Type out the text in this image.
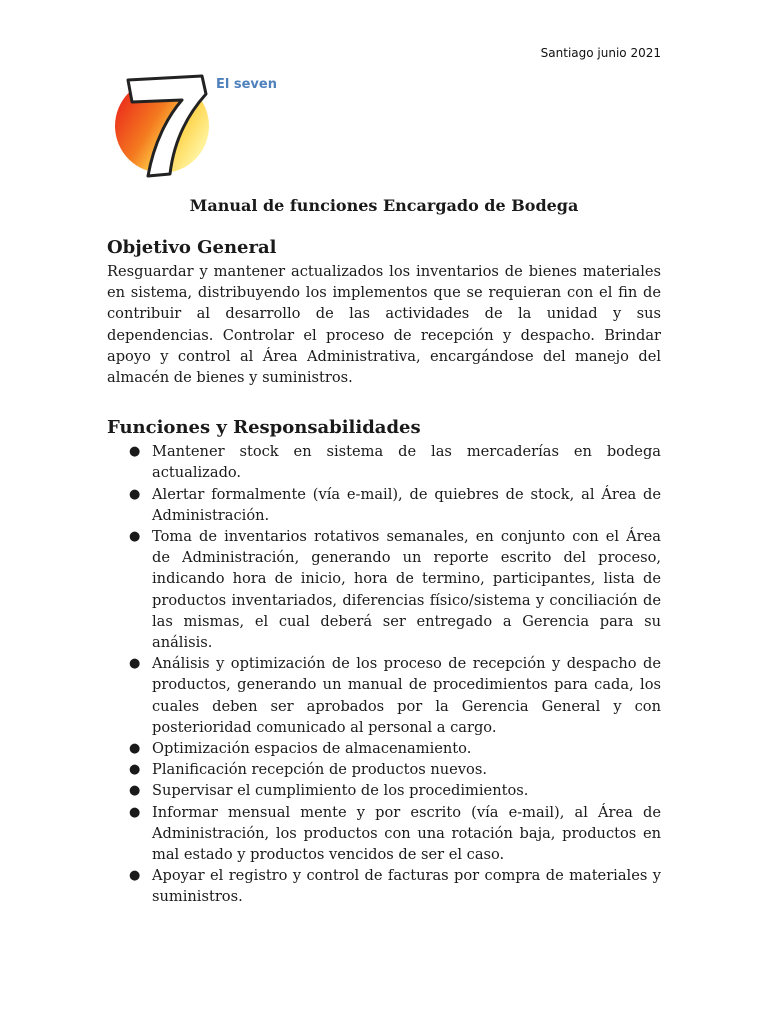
Santiago junio 2021
El seven
Manual de funciones Encargado de Bodega
Objetivo General

Resguardar y mantener actualizados los inventarios de bienes materiales en sistema, distribuyendo los implementos que se requieran con el fin de contribuir al desarrollo de las actividades de la unidad y sus dependencias. Controlar el proceso de recepción y despacho. Brindar apoyo y control al Área Administrativa, encargándose del manejo del almacén de bienes y suministros.

Funciones y Responsabilidades
● Mantener stock en sistema de las mercaderías en bodega actualizado.
● Alertar formalmente (vía e-mail), de quiebres de stock, al Área de Administración.
● Toma de inventarios rotativos semanales, en conjunto con el Área de Administración, generando un reporte escrito del proceso, indicando hora de inicio, hora de termino, participantes, lista de productos inventariados, diferencias físico/sistema y conciliación de las mismas, el cual deberá ser entregado a Gerencia para su análisis.
● Análisis y optimización de los proceso de recepción y despacho de productos, generando un manual de procedimientos para cada, los cuales deben ser aprobados por la Gerencia General y con posterioridad comunicado al personal a cargo.
● Optimización espacios de almacenamiento.
● Planificación recepción de productos nuevos.
● Supervisar el cumplimiento de los procedimientos.
● Informar mensual mente y por escrito (vía e-mail), al Área de Administración, los productos con una rotación baja, productos en mal estado y productos vencidos de ser el caso.
● Apoyar el registro y control de facturas por compra de materiales y suministros.
